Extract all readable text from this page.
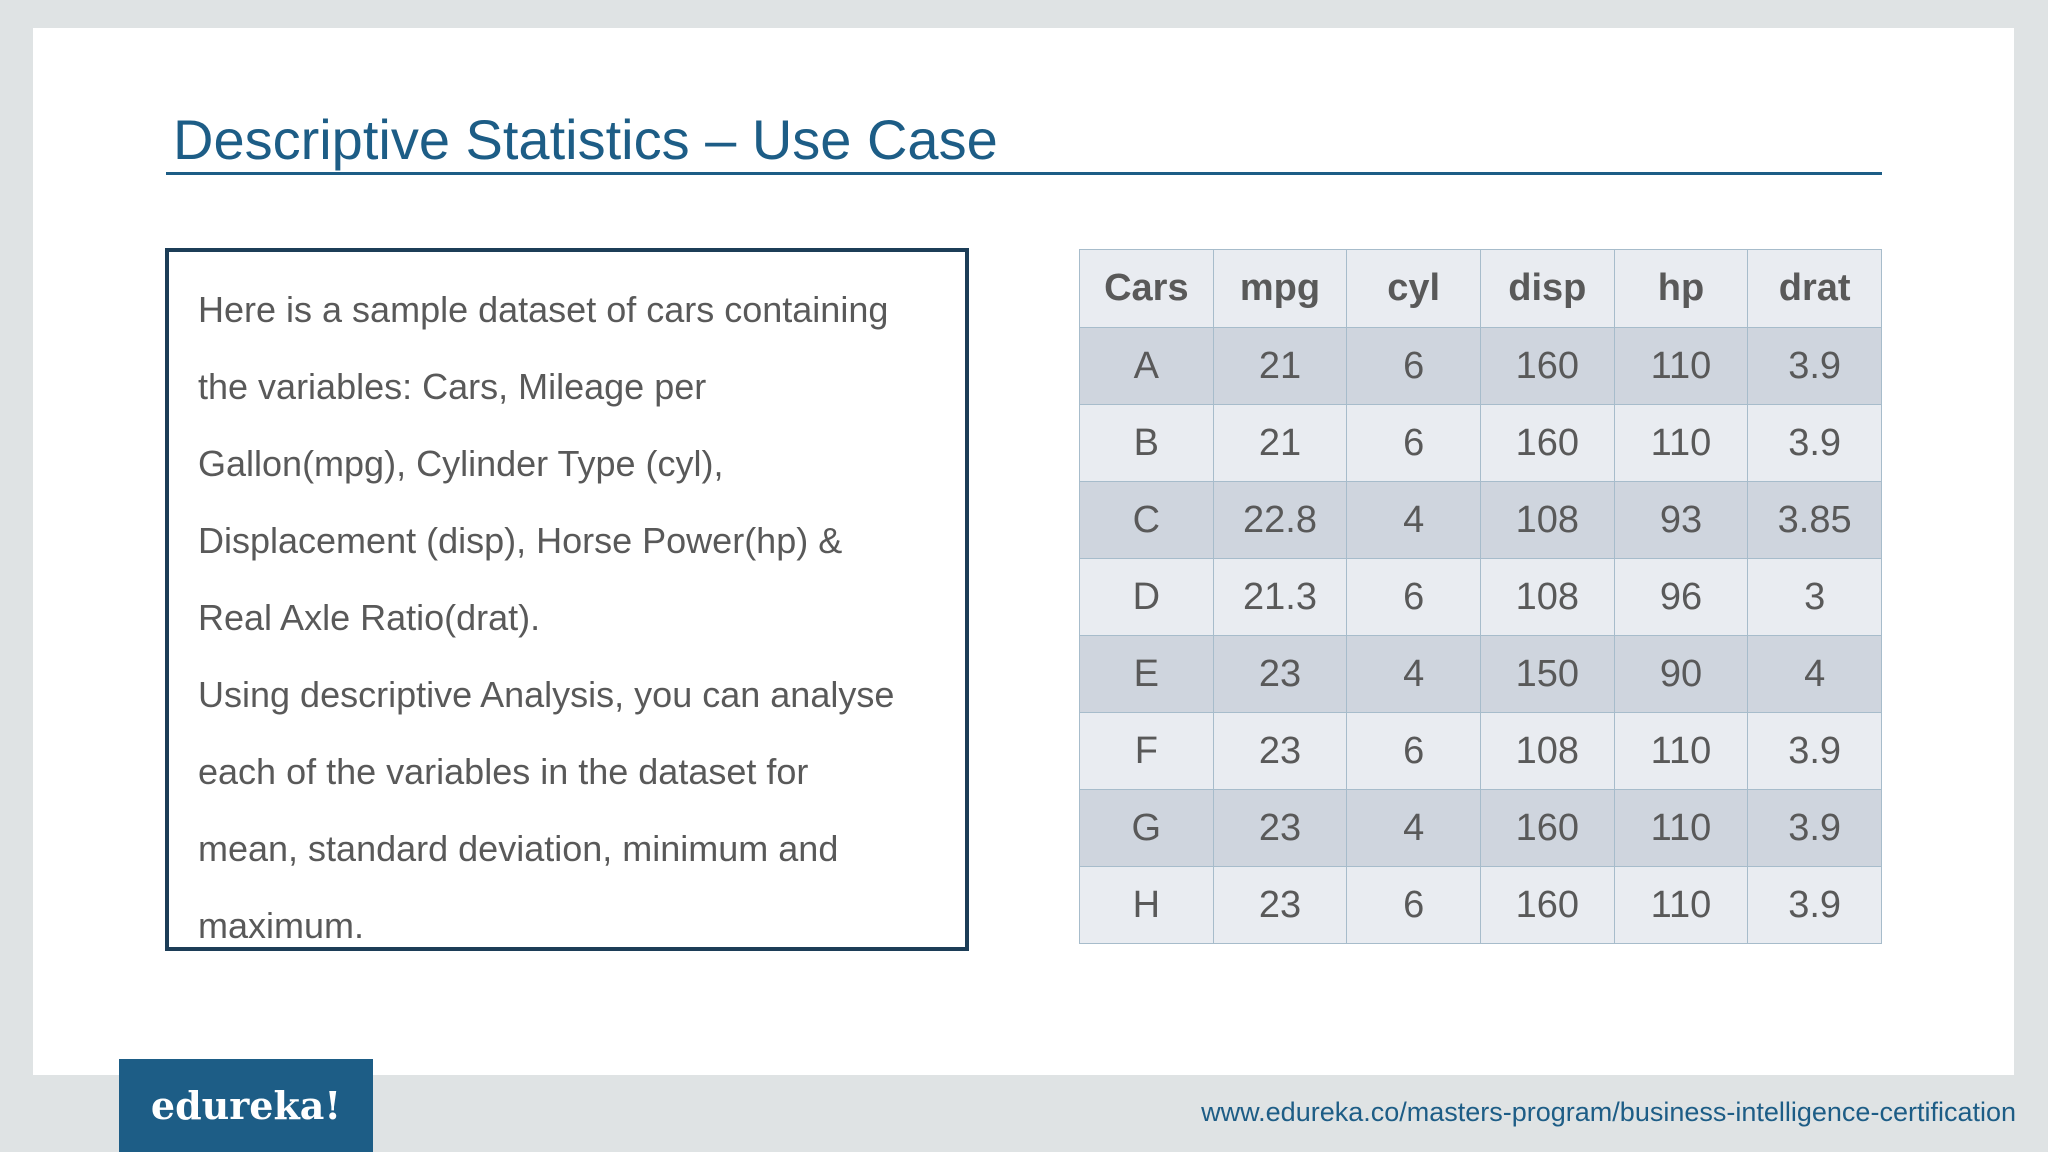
Descriptive Statistics – Use Case

Here is a sample dataset of cars containing

the variables: Cars, Mileage per

Gallon(mpg), Cylinder Type (cyl),

Displacement (disp), Horse Power(hp) &

Real Axle Ratio(drat).

Using descriptive Analysis, you can analyse

each of the variables in the dataset for

mean, standard deviation, minimum and

maximum.

Cars	mpg	cyl	disp	hp	drat
A	21	6	160	110	3.9
B	21	6	160	110	3.9
C	22.8	4	108	93	3.85
D	21.3	6	108	96	3
E	23	4	150	90	4
F	23	6	108	110	3.9
G	23	4	160	110	3.9
H	23	6	160	110	3.9
edureka!	www.edureka.co/masters-program/business-intelligence-certification
